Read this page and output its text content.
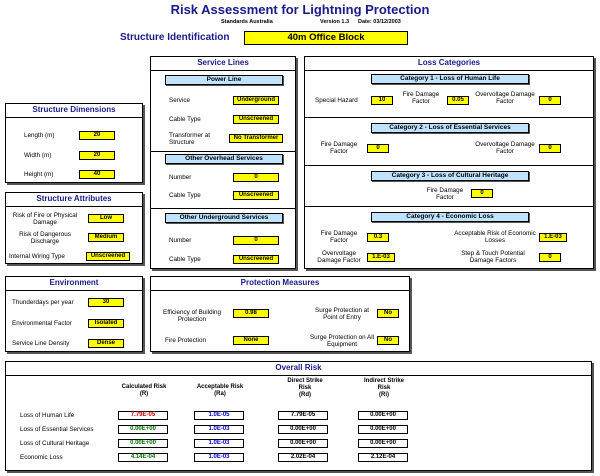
Risk Assessment for Lightning Protection
Standards Australia	Version 1.3 Date: 03/12/2003
Structure Identification	40m Office Block
Structure Dimensions
Length (m)	20
Width (m)	20
Height (m)	40
Structure Attributes
Risk of Fire or Physical Damage
Low
Risk of Dangerous Discharge
Medium
Internal Wiring Type	Unscreened
Environment
Thunderdays per year	30
Environmental Factor	Isolated
Service Line Density	Dense
Service Lines
Power Line
Service	Underground
Cable Type	Unscreened
Transformer at Structure
No Transformer
Other Overhead Services
Number	0
Cable Type	Unscreened
Other Underground Services
Number	0
Cable Type	Unscreened
Loss Categories
Category 1 - Loss of Human Life
Special Hazard	10
Fire Damage Factor	0.05
Overvoltage Damage Factor	0
Category 2 - Loss of Essential Services
Fire Damage Factor	0	Overvoltage Damage Factor	0
Category 3 - Loss of Cultural Heritage
Fire Damage Factor
0
Category 4 - Economic Loss
Fire Damage Factor	0.3	Acceptable Risk of Economic Losses	1.E-03
Overvoltage Damage Factor	1.E-03	Step & Touch Potential Damage Factors	0
Protection Measures
Efficiency of Building Protection
0.98
Fire Protection	None
Surge Protection at Point of Entry
No
Surge Protection on All Equipment
No
Overall Risk
Calculated Risk
(R)
Acceptable Risk
(Ra)
Direct Strike Risk
(Rd)
Indirect Strike Risk
(Ri)
Loss of Human Life	7.79E-05	1.0E-05	7.79E-05	0.00E+00
Loss of Essential Services	0.00E+00	1.0E-03	0.00E+00	0.00E+00
Loss of Cultural Heritage	0.00E+00	1.0E-03	0.00E+00	0.00E+00
Economic Loss	4.14E-04	1.0E-03	2.02E-04	2.12E-04
